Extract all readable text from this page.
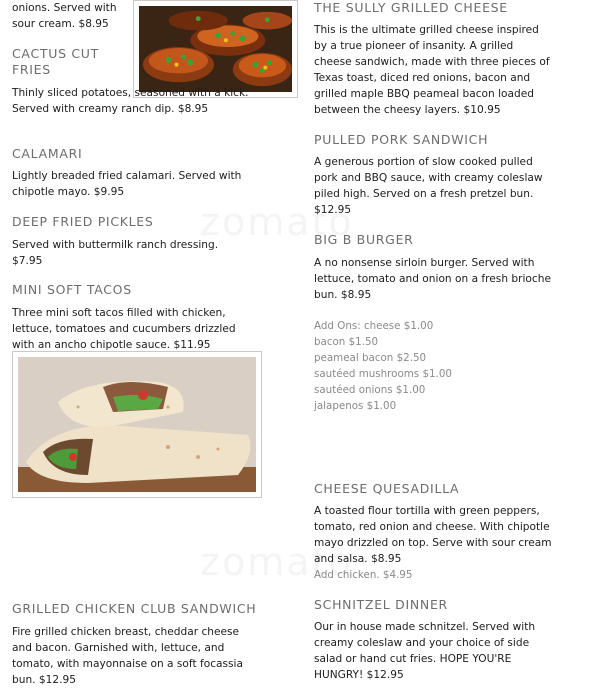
onions. Served with sour cream. $8.95

CACTUS CUT FRIES

Thinly sliced potatoes, seasoned with a kick. Served with creamy ranch dip. $8.95

CALAMARI

Lightly breaded fried calamari. Served with chipotle mayo. $9.95

DEEP FRIED PICKLES

Served with buttermilk ranch dressing. $7.95

MINI SOFT TACOS

Three mini soft tacos filled with chicken, lettuce, tomatoes and cucumbers drizzled with an ancho chipotle sauce. $11.95

GRILLED CHICKEN CLUB SANDWICH

Fire grilled chicken breast, cheddar cheese and bacon. Garnished with, lettuce, and tomato, with mayonnaise on a soft focassia bun. $12.95

THE SULLY GRILLED CHEESE

This is the ultimate grilled cheese inspired by a true pioneer of insanity. A grilled cheese sandwich, made with three pieces of Texas toast, diced red onions, bacon and grilled maple BBQ peameal bacon loaded between the cheesy layers. $10.95

PULLED PORK SANDWICH

A generous portion of slow cooked pulled pork and BBQ sauce, with creamy coleslaw piled high. Served on a fresh pretzel bun. $12.95

BIG B BURGER

A no nonsense sirloin burger. Served with lettuce, tomato and onion on a fresh brioche bun. $8.95

Add Ons: cheese $1.00

bacon $1.50

peameal bacon $2.50

sautéed mushrooms $1.00

sautéed onions $1.00

jalapenos $1.00

CHEESE QUESADILLA

A toasted flour tortilla with green peppers, tomato, red onion and cheese. With chipotle mayo drizzled on top. Serve with sour cream and salsa. $8.95

Add chicken. $4.95

SCHNITZEL DINNER

Our in house made schnitzel. Served with creamy coleslaw and your choice of side salad or hand cut fries. HOPE YOU'RE HUNGRY! $12.95
